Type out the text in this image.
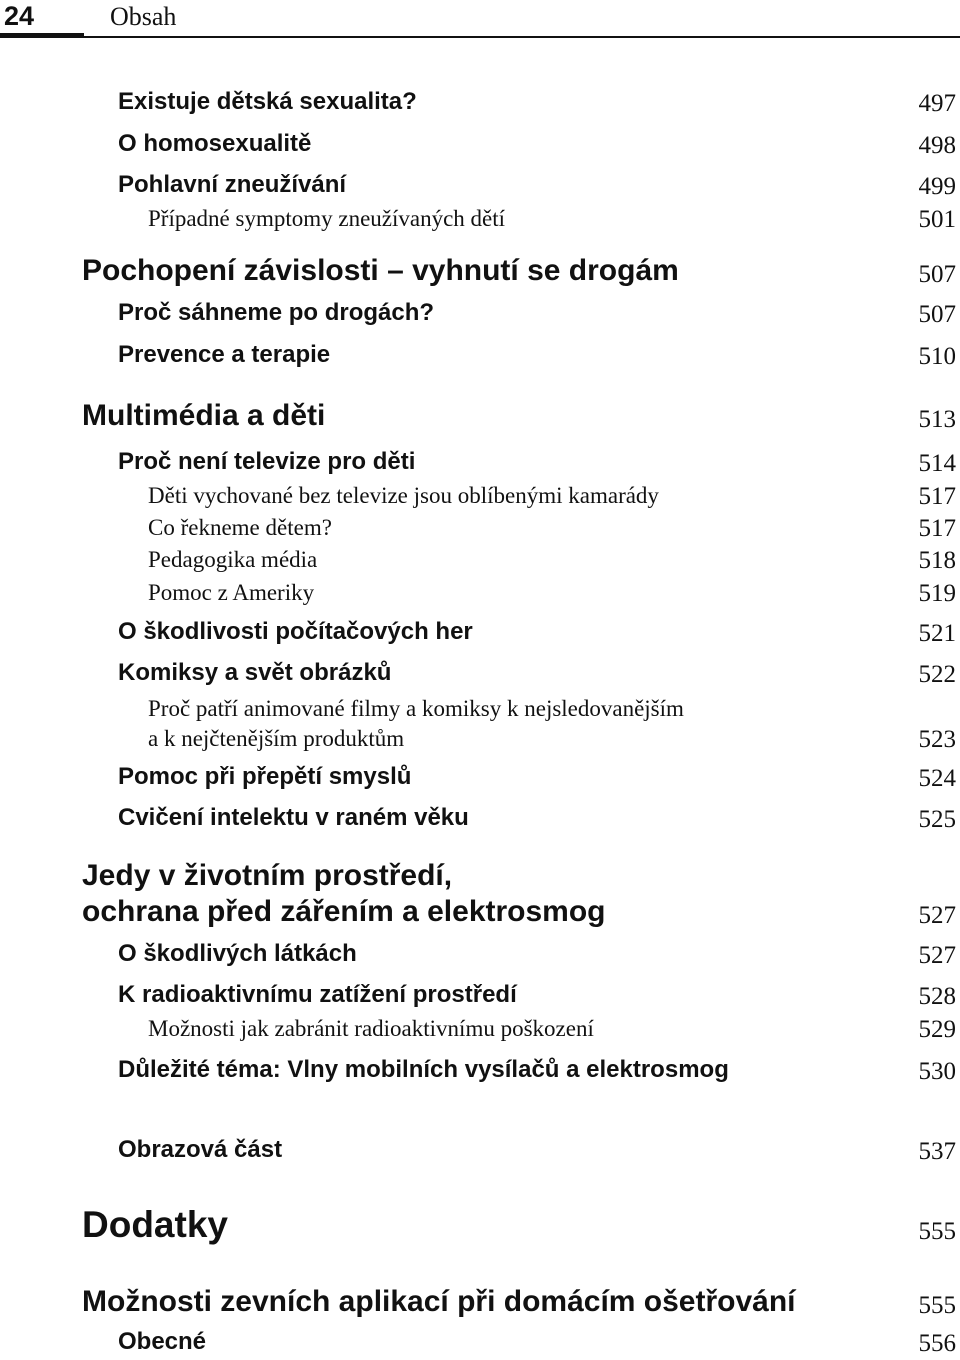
24	Obsah
Existuje dětská sexualita?	497
O homosexualitě	498
Pohlavní zneužívání	499
Případné symptomy zneužívaných dětí	501
Pochopení závislosti – vyhnutí se drogám	507
Proč sáhneme po drogách?	507
Prevence a terapie	510
Multimédia a děti	513
Proč není televize pro děti	514
Děti vychované bez televize jsou oblíbenými kamarády	517
Co řekneme dětem?	517
Pedagogika média	518
Pomoc z Ameriky	519
O škodlivosti počítačových her	521
Komiksy a svět obrázků	522
Proč patří animované filmy a komiksy k nejsledovanějším
a k nejčtenějším produktům	523
Pomoc při přepětí smyslů	524
Cvičení intelektu v raném věku	525
Jedy v životním prostředí,
ochrana před zářením a elektrosmog	527
O škodlivých látkách	527
K radioaktivnímu zatížení prostředí	528
Možnosti jak zabránit radioaktivnímu poškození	529
Důležité téma: Vlny mobilních vysílačů a elektrosmog	530
Obrazová část	537
Dodatky	555
Možnosti zevních aplikací při domácím ošetřování	555
Obecné	556
